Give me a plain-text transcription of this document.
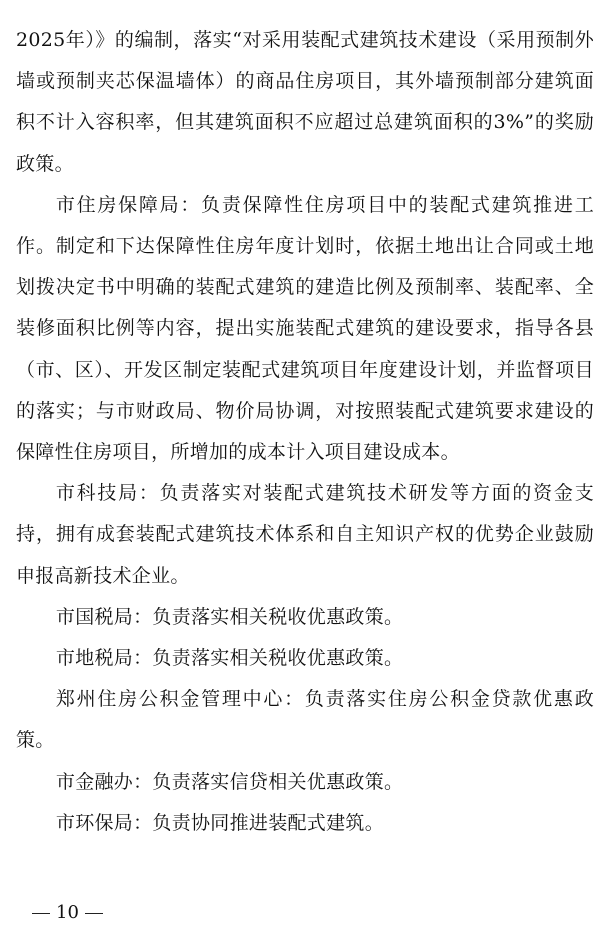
2025年）》的编制，落实“对采用装配式建筑技术建设（采用预制外墙或预制夹芯保温墙体）的商品住房项目，其外墙预制部分建筑面积不计入容积率，但其建筑面积不应超过总建筑面积的3%”的奖励政策。

市住房保障局：负责保障性住房项目中的装配式建筑推进工作。制定和下达保障性住房年度计划时，依据土地出让合同或土地划拨决定书中明确的装配式建筑的建造比例及预制率、装配率、全装修面积比例等内容，提出实施装配式建筑的建设要求，指导各县（市、区）、开发区制定装配式建筑项目年度建设计划，并监督项目的落实；与市财政局、物价局协调，对按照装配式建筑要求建设的保障性住房项目，所增加的成本计入项目建设成本。

市科技局：负责落实对装配式建筑技术研发等方面的资金支持，拥有成套装配式建筑技术体系和自主知识产权的优势企业鼓励申报高新技术企业。

市国税局：负责落实相关税收优惠政策。

市地税局：负责落实相关税收优惠政策。

郑州住房公积金管理中心：负责落实住房公积金贷款优惠政策。

市金融办：负责落实信贷相关优惠政策。

市环保局：负责协同推进装配式建筑。

10
